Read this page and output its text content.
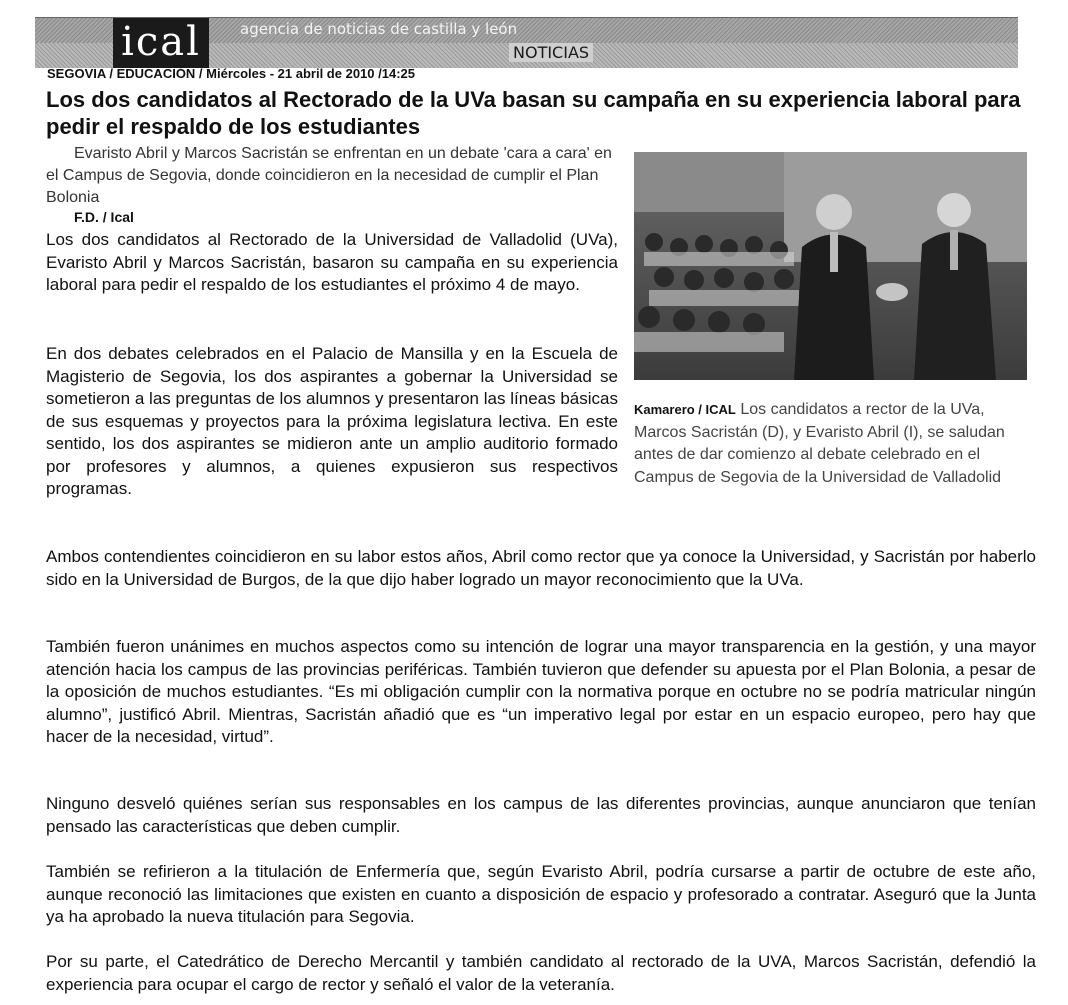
ical	agencia de noticias de castilla y león
NOTICIAS
SEGOVIA / EDUCACIÓN / Miércoles - 21 abril de 2010 /14:25
Los dos candidatos al Rectorado de la UVa basan su campaña en su experiencia laboral para pedir el respaldo de los estudiantes
Evaristo Abril y Marcos Sacristán se enfrentan en un debate 'cara a cara' en el Campus de Segovia, donde coincidieron en la necesidad de cumplir el Plan Bolonia
F.D. / Ical

Los dos candidatos al Rectorado de la Universidad de Valladolid (UVa), Evaristo Abril y Marcos Sacristán, basaron su campaña en su experiencia laboral para pedir el respaldo de los estudiantes el próximo 4 de mayo.

En dos debates celebrados en el Palacio de Mansilla y en la Escuela de Magisterio de Segovia, los dos aspirantes a gobernar la Universidad se sometieron a las preguntas de los alumnos y presentaron las líneas básicas de sus esquemas y proyectos para la próxima legislatura lectiva. En este sentido, los dos aspirantes se midieron ante un amplio auditorio formado por profesores y alumnos, a quienes expusieron sus respectivos programas.

Kamarero / ICAL Los candidatos a rector de la UVa, Marcos Sacristán (D), y Evaristo Abril (I), se saludan antes de dar comienzo al debate celebrado en el Campus de Segovia de la Universidad de Valladolid

Ambos contendientes coincidieron en su labor estos años, Abril como rector que ya conoce la Universidad, y Sacristán por haberlo sido en la Universidad de Burgos, de la que dijo haber logrado un mayor reconocimiento que la UVa.

También fueron unánimes en muchos aspectos como su intención de lograr una mayor transparencia en la gestión, y una mayor atención hacia los campus de las provincias periféricas. También tuvieron que defender su apuesta por el Plan Bolonia, a pesar de la oposición de muchos estudiantes. “Es mi obligación cumplir con la normativa porque en octubre no se podría matricular ningún alumno”, justificó Abril. Mientras, Sacristán añadió que es “un imperativo legal por estar en un espacio europeo, pero hay que hacer de la necesidad, virtud”.

Ninguno desveló quiénes serían sus responsables en los campus de las diferentes provincias, aunque anunciaron que tenían pensado las características que deben cumplir.

También se refirieron a la titulación de Enfermería que, según Evaristo Abril, podría cursarse a partir de octubre de este año, aunque reconoció las limitaciones que existen en cuanto a disposición de espacio y profesorado a contratar. Aseguró que la Junta ya ha aprobado la nueva titulación para Segovia.

Por su parte, el Catedrático de Derecho Mercantil y también candidato al rectorado de la UVA, Marcos Sacristán, defendió la experiencia para ocupar el cargo de rector y señaló el valor de la veteranía.
